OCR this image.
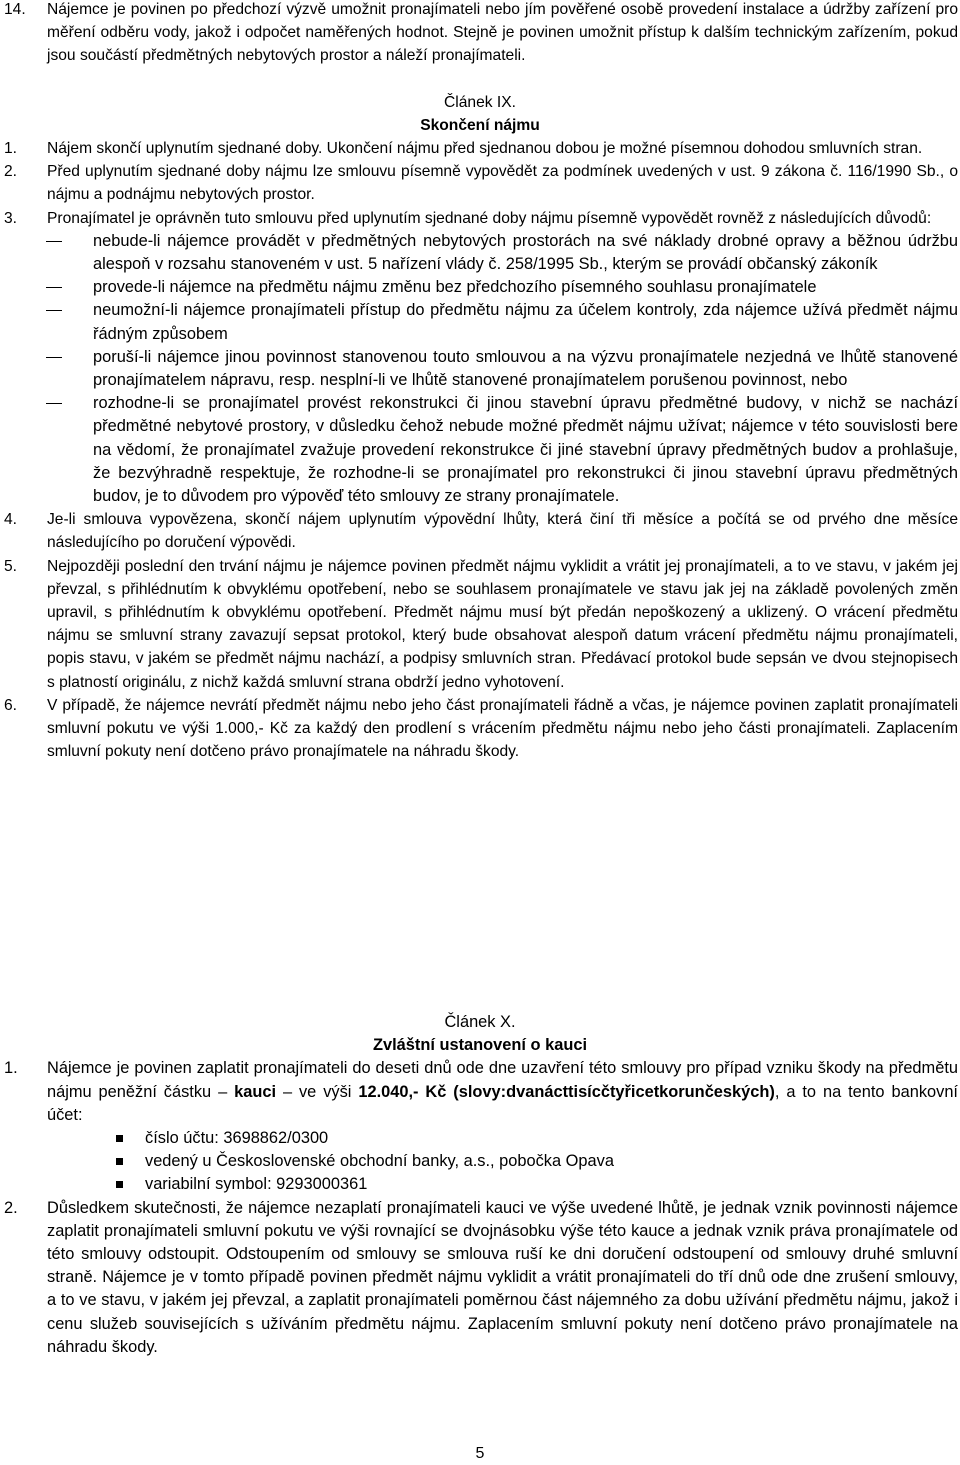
14. Nájemce je povinen po předchozí výzvě umožnit pronajímateli nebo jím pověřené osobě provedení instalace a údržby zařízení pro měření odběru vody, jakož i odpočet naměřených hodnot. Stejně je povinen umožnit přístup k dalším technickým zařízením, pokud jsou součástí předmětných nebytových prostor a náleží pronajímateli.
Článek IX.
Skončení nájmu
1. Nájem skončí uplynutím sjednané doby. Ukončení nájmu před sjednanou dobou je možné písemnou dohodou smluvních stran.
2. Před uplynutím sjednané doby nájmu lze smlouvu písemně vypovědět za podmínek uvedených v ust. 9 zákona č. 116/1990 Sb., o nájmu a podnájmu nebytových prostor.
3. Pronajímatel je oprávněn tuto smlouvu před uplynutím sjednané doby nájmu písemně vypovědět rovněž z následujících důvodů:
nebude-li nájemce provádět v předmětných nebytových prostorách na své náklady drobné opravy a běžnou údržbu alespoň v rozsahu stanoveném v ust. 5 nařízení vlády č. 258/1995 Sb., kterým se provádí občanský zákoník
provede-li nájemce na předmětu nájmu změnu bez předchozího písemného souhlasu pronajímatele
neumožní-li nájemce pronajímateli přístup do předmětu nájmu za účelem kontroly, zda nájemce užívá předmět nájmu řádným způsobem
poruší-li nájemce jinou povinnost stanovenou touto smlouvou a na výzvu pronajímatele nezjedná ve lhůtě stanovené pronajímatelem nápravu, resp. nesplní-li ve lhůtě stanovené pronajímatelem porušenou povinnost, nebo
rozhodne-li se pronajímatel provést rekonstrukci či jinou stavební úpravu předmětné budovy, v nichž se nachází předmětné nebytové prostory, v důsledku čehož nebude možné předmět nájmu užívat; nájemce v této souvislosti bere na vědomí, že pronajímatel zvažuje provedení rekonstrukce či jiné stavební úpravy předmětných budov a prohlašuje, že bezvýhradně respektuje, že rozhodne-li se pronajímatel pro rekonstrukci či jinou stavební úpravu předmětných budov, je to důvodem pro výpověď této smlouvy ze strany pronajímatele.
4. Je-li smlouva vypovězena, skončí nájem uplynutím výpovědní lhůty, která činí tři měsíce a počítá se od prvého dne měsíce následujícího po doručení výpovědi.
5. Nejpozději poslední den trvání nájmu je nájemce povinen předmět nájmu vyklidit a vrátit jej pronajímateli, a to ve stavu, v jakém jej převzal, s přihlédnutím k obvyklému opotřebení, nebo se souhlasem pronajímatele ve stavu jak jej na základě povolených změn upravil, s přihlédnutím k obvyklému opotřebení. Předmět nájmu musí být předán nepoškozený a uklizený. O vrácení předmětu nájmu se smluvní strany zavazují sepsat protokol, který bude obsahovat alespoň datum vrácení předmětu nájmu pronajímateli, popis stavu, v jakém se předmět nájmu nachází, a podpisy smluvních stran. Předávací protokol bude sepsán ve dvou stejnopisech s platností originálu, z nichž každá smluvní strana obdrží jedno vyhotovení.
6. V případě, že nájemce nevrátí předmět nájmu nebo jeho část pronajímateli řádně a včas, je nájemce povinen zaplatit pronajímateli smluvní pokutu ve výši 1.000,- Kč za každý den prodlení s vrácením předmětu nájmu nebo jeho části pronajímateli. Zaplacením smluvní pokuty není dotčeno právo pronajímatele na náhradu škody.
Článek X.
Zvláštní ustanovení o kauci
1. Nájemce je povinen zaplatit pronajímateli do deseti dnů ode dne uzavření této smlouvy pro případ vzniku škody na předmětu nájmu peněžní částku – kauci – ve výši 12.040,- Kč (slovy:dvanácttisícčtyřicetkorunčeských), a to na tento bankovní účet:
číslo účtu: 3698862/0300
vedený u Československé obchodní banky, a.s., pobočka Opava
variabilní symbol: 9293000361
2. Důsledkem skutečnosti, že nájemce nezaplatí pronajímateli kauci ve výše uvedené lhůtě, je jednak vznik povinnosti nájemce zaplatit pronajímateli smluvní pokutu ve výši rovnající se dvojnásobku výše této kauce a jednak vznik práva pronajímatele od této smlouvy odstoupit. Odstoupením od smlouvy se smlouva ruší ke dni doručení odstoupení od smlouvy druhé smluvní straně. Nájemce je v tomto případě povinen předmět nájmu vyklidit a vrátit pronajímateli do tří dnů ode dne zrušení smlouvy, a to ve stavu, v jakém jej převzal, a zaplatit pronajímateli poměrnou část nájemného za dobu užívání předmětu nájmu, jakož i cenu služeb souvisejících s užíváním předmětu nájmu. Zaplacením smluvní pokuty není dotčeno právo pronajímatele na náhradu škody.
5
